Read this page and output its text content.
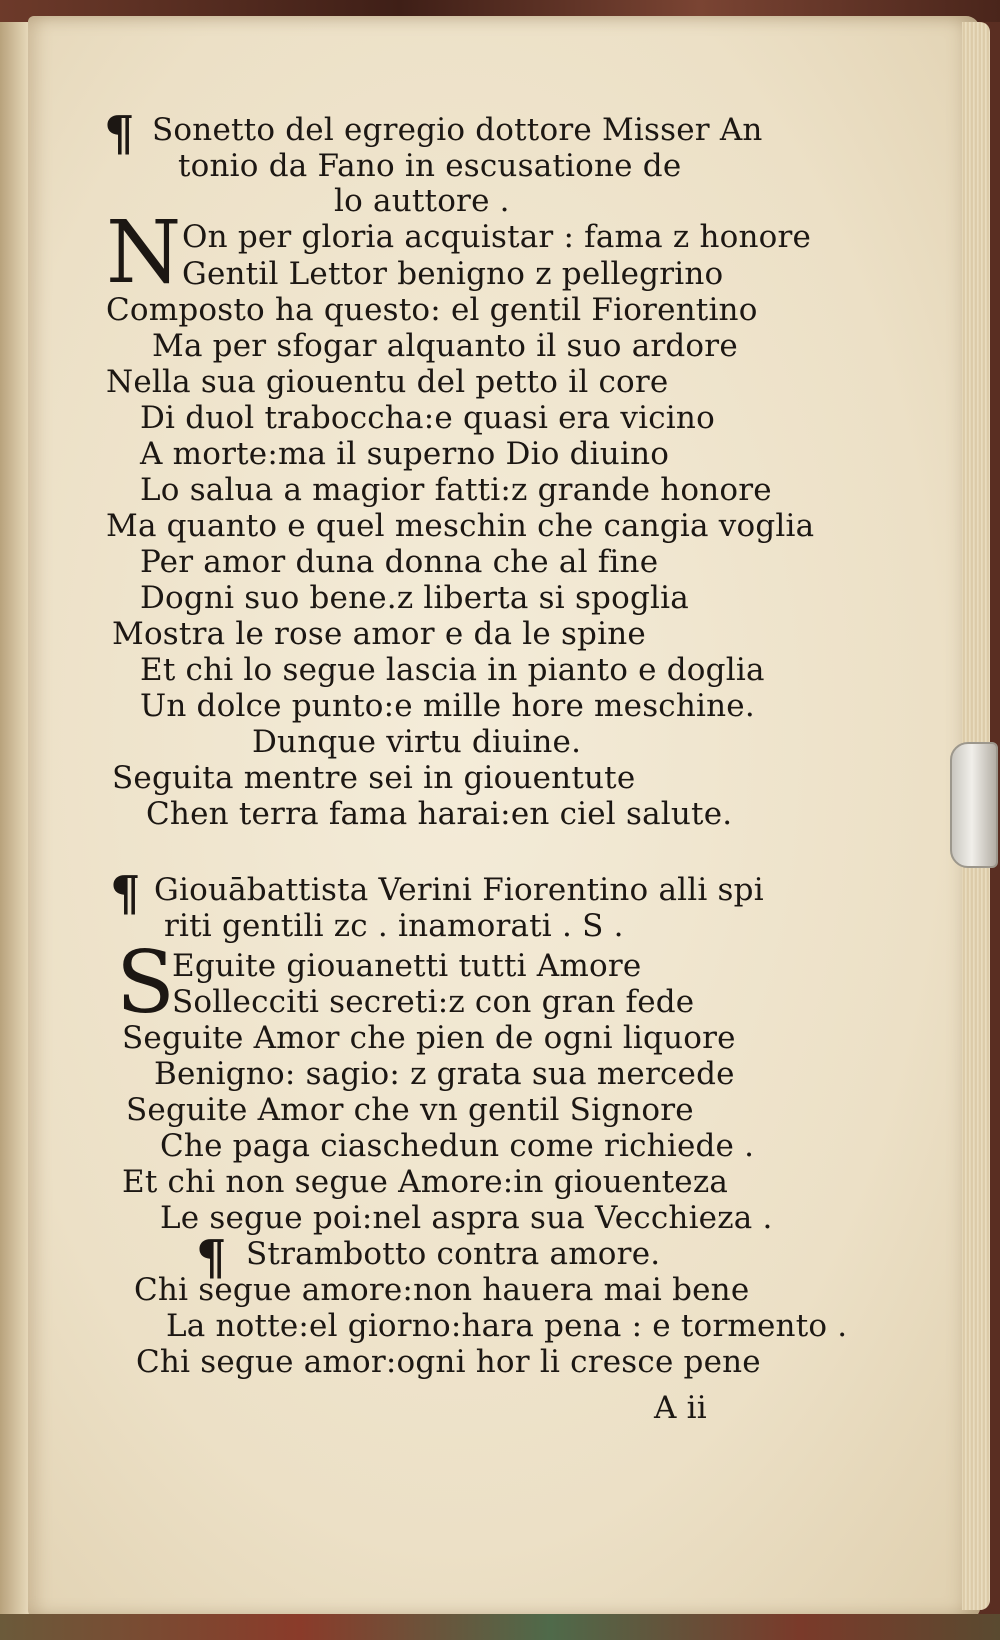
¶ Sonetto del egregio dottore Misser An
tonio da Fano in escusatione de
lo auttore .
N On per gloria acquistar : fama z honore
Gentil Lettor benigno z pellegrino
Composto ha questo: el gentil Fiorentino
Ma per sfogar alquanto il suo ardore
Nella sua giouentu del petto il core
Di duol traboccha:e quasi era vicino
A morte:ma il superno Dio diuino
Lo salua a magior fatti:z grande honore
Ma quanto e quel meschin che cangia voglia
Per amor duna donna che al fine
Dogni suo bene.z liberta si spoglia
Mostra le rose amor e da le spine
Et chi lo segue lascia in pianto e doglia
Un dolce punto:e mille hore meschine.
Dunque virtu diuine.
Seguita mentre sei in giouentute
Chen terra fama harai:en ciel salute.
¶ Giouābattista Verini Fiorentino alli spi
riti gentili zc . inamorati . S .
S
Eguite giouanetti tutti Amore
Sollecciti secreti:z con gran fede
Seguite Amor che pien de ogni liquore
Benigno: sagio: z grata sua mercede
Seguite Amor che vn gentil Signore
Che paga ciaschedun come richiede .
Et chi non segue Amore:in giouenteza
Le segue poi:nel aspra sua Vecchieza .
¶ Strambotto contra amore.
Chi segue amore:non hauera mai bene
La notte:el giorno:hara pena : e tormento .
Chi segue amor:ogni hor li cresce pene
A ii
